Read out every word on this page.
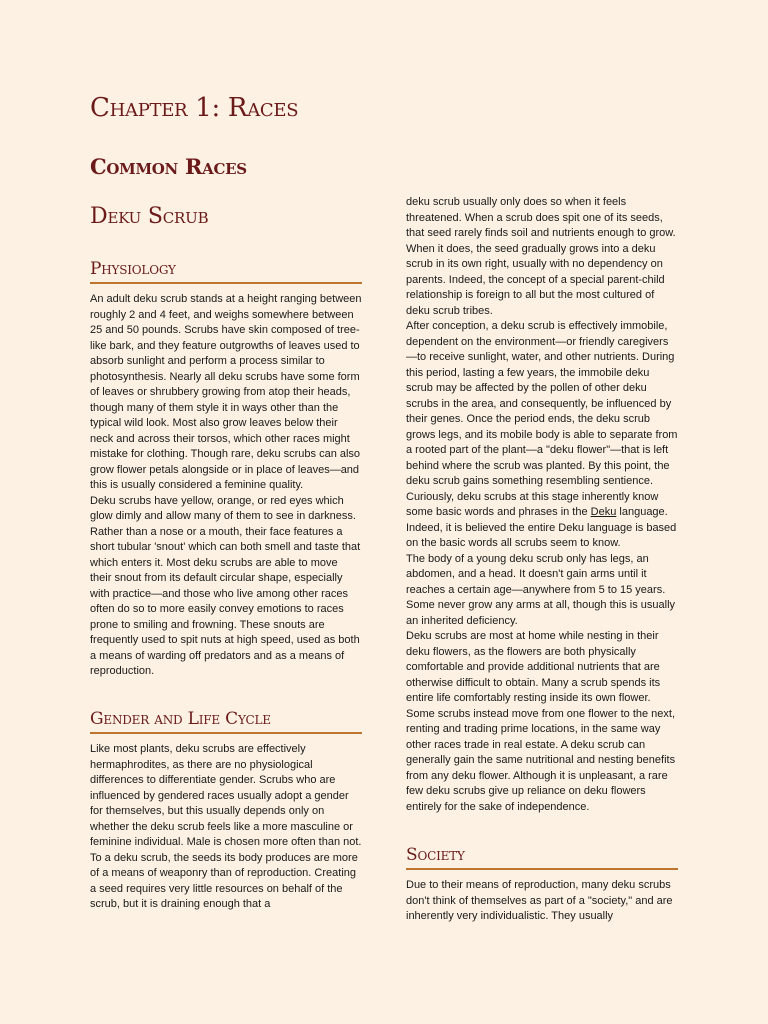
Chapter 1: Races
Common Races
Deku Scrub
Physiology

An adult deku scrub stands at a height ranging between roughly 2 and 4 feet, and weighs somewhere between 25 and 50 pounds. Scrubs have skin composed of tree-like bark, and they feature outgrowths of leaves used to absorb sunlight and perform a process similar to photosynthesis. Nearly all deku scrubs have some form of leaves or shrubbery growing from atop their heads, though many of them style it in ways other than the typical wild look. Most also grow leaves below their neck and across their torsos, which other races might mistake for clothing. Though rare, deku scrubs can also grow flower petals alongside or in place of leaves—and this is usually considered a feminine quality.

Deku scrubs have yellow, orange, or red eyes which glow dimly and allow many of them to see in darkness. Rather than a nose or a mouth, their face features a short tubular 'snout' which can both smell and taste that which enters it. Most deku scrubs are able to move their snout from its default circular shape, especially with practice—and those who live among other races often do so to more easily convey emotions to races prone to smiling and frowning. These snouts are frequently used to spit nuts at high speed, used as both a means of warding off predators and as a means of reproduction.

Gender and Life Cycle

Like most plants, deku scrubs are effectively hermaphrodites, as there are no physiological differences to differentiate gender. Scrubs who are influenced by gendered races usually adopt a gender for themselves, but this usually depends only on whether the deku scrub feels like a more masculine or feminine individual. Male is chosen more often than not.

To a deku scrub, the seeds its body produces are more of a means of weaponry than of reproduction. Creating a seed requires very little resources on behalf of the scrub, but it is draining enough that a

deku scrub usually only does so when it feels threatened. When a scrub does spit one of its seeds, that seed rarely finds soil and nutrients enough to grow. When it does, the seed gradually grows into a deku scrub in its own right, usually with no dependency on parents. Indeed, the concept of a special parent-child relationship is foreign to all but the most cultured of deku scrub tribes.

After conception, a deku scrub is effectively immobile, dependent on the environment—or friendly caregivers—to receive sunlight, water, and other nutrients. During this period, lasting a few years, the immobile deku scrub may be affected by the pollen of other deku scrubs in the area, and consequently, be influenced by their genes. Once the period ends, the deku scrub grows legs, and its mobile body is able to separate from a rooted part of the plant—a "deku flower"—that is left behind where the scrub was planted. By this point, the deku scrub gains something resembling sentience. Curiously, deku scrubs at this stage inherently know some basic words and phrases in the Deku language. Indeed, it is believed the entire Deku language is based on the basic words all scrubs seem to know.

The body of a young deku scrub only has legs, an abdomen, and a head. It doesn't gain arms until it reaches a certain age—anywhere from 5 to 15 years. Some never grow any arms at all, though this is usually an inherited deficiency.

Deku scrubs are most at home while nesting in their deku flowers, as the flowers are both physically comfortable and provide additional nutrients that are otherwise difficult to obtain. Many a scrub spends its entire life comfortably resting inside its own flower. Some scrubs instead move from one flower to the next, renting and trading prime locations, in the same way other races trade in real estate. A deku scrub can generally gain the same nutritional and nesting benefits from any deku flower. Although it is unpleasant, a rare few deku scrubs give up reliance on deku flowers entirely for the sake of independence.

Society

Due to their means of reproduction, many deku scrubs don't think of themselves as part of a "society," and are inherently very individualistic. They usually
